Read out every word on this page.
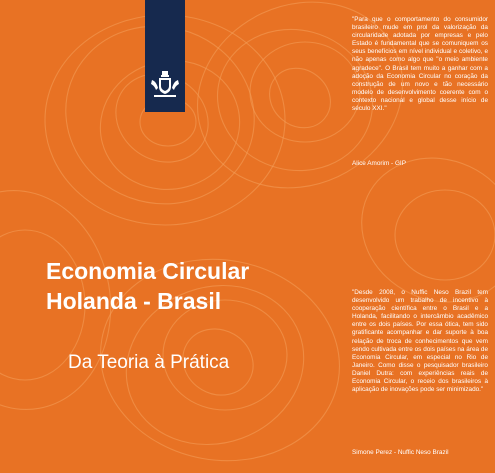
"Para que o comportamento do consumidor brasileiro mude em prol da valorização da circularidade adotada por empresas e pelo Estado é fundamental que se comuniquem os seus benefícios em nível individual e coletivo, e não apenas como algo que "o meio ambiente agradece". O Brasil tem muito a ganhar com a adoção da Economia Circular no coração da construção de um novo e tão necessário modelo de desenvolvimento coerente com o contexto nacional e global desse início de século XXI."
Alice Amorim - GIP
Economia Circular
Holanda - Brasil
Da Teoria à Prática
"Desde 2008, o Nuffic Neso Brazil tem desenvolvido um trabalho de incentivo à cooperação científica entre o Brasil e a Holanda, facilitando o intercâmbio acadêmico entre os dois países. Por essa ótica, tem sido gratificante acompanhar e dar suporte à boa relação de troca de conhecimentos que vem sendo cultivada entre os dois países na área de Economia Circular, em especial no Rio de Janeiro. Como disse o pesquisador brasileiro Daniel Dutra: com experiências reais de Economia Circular, o receio dos brasileiros à aplicação de inovações pode ser minimizado."
Simone Perez - Nuffic Neso Brazil
